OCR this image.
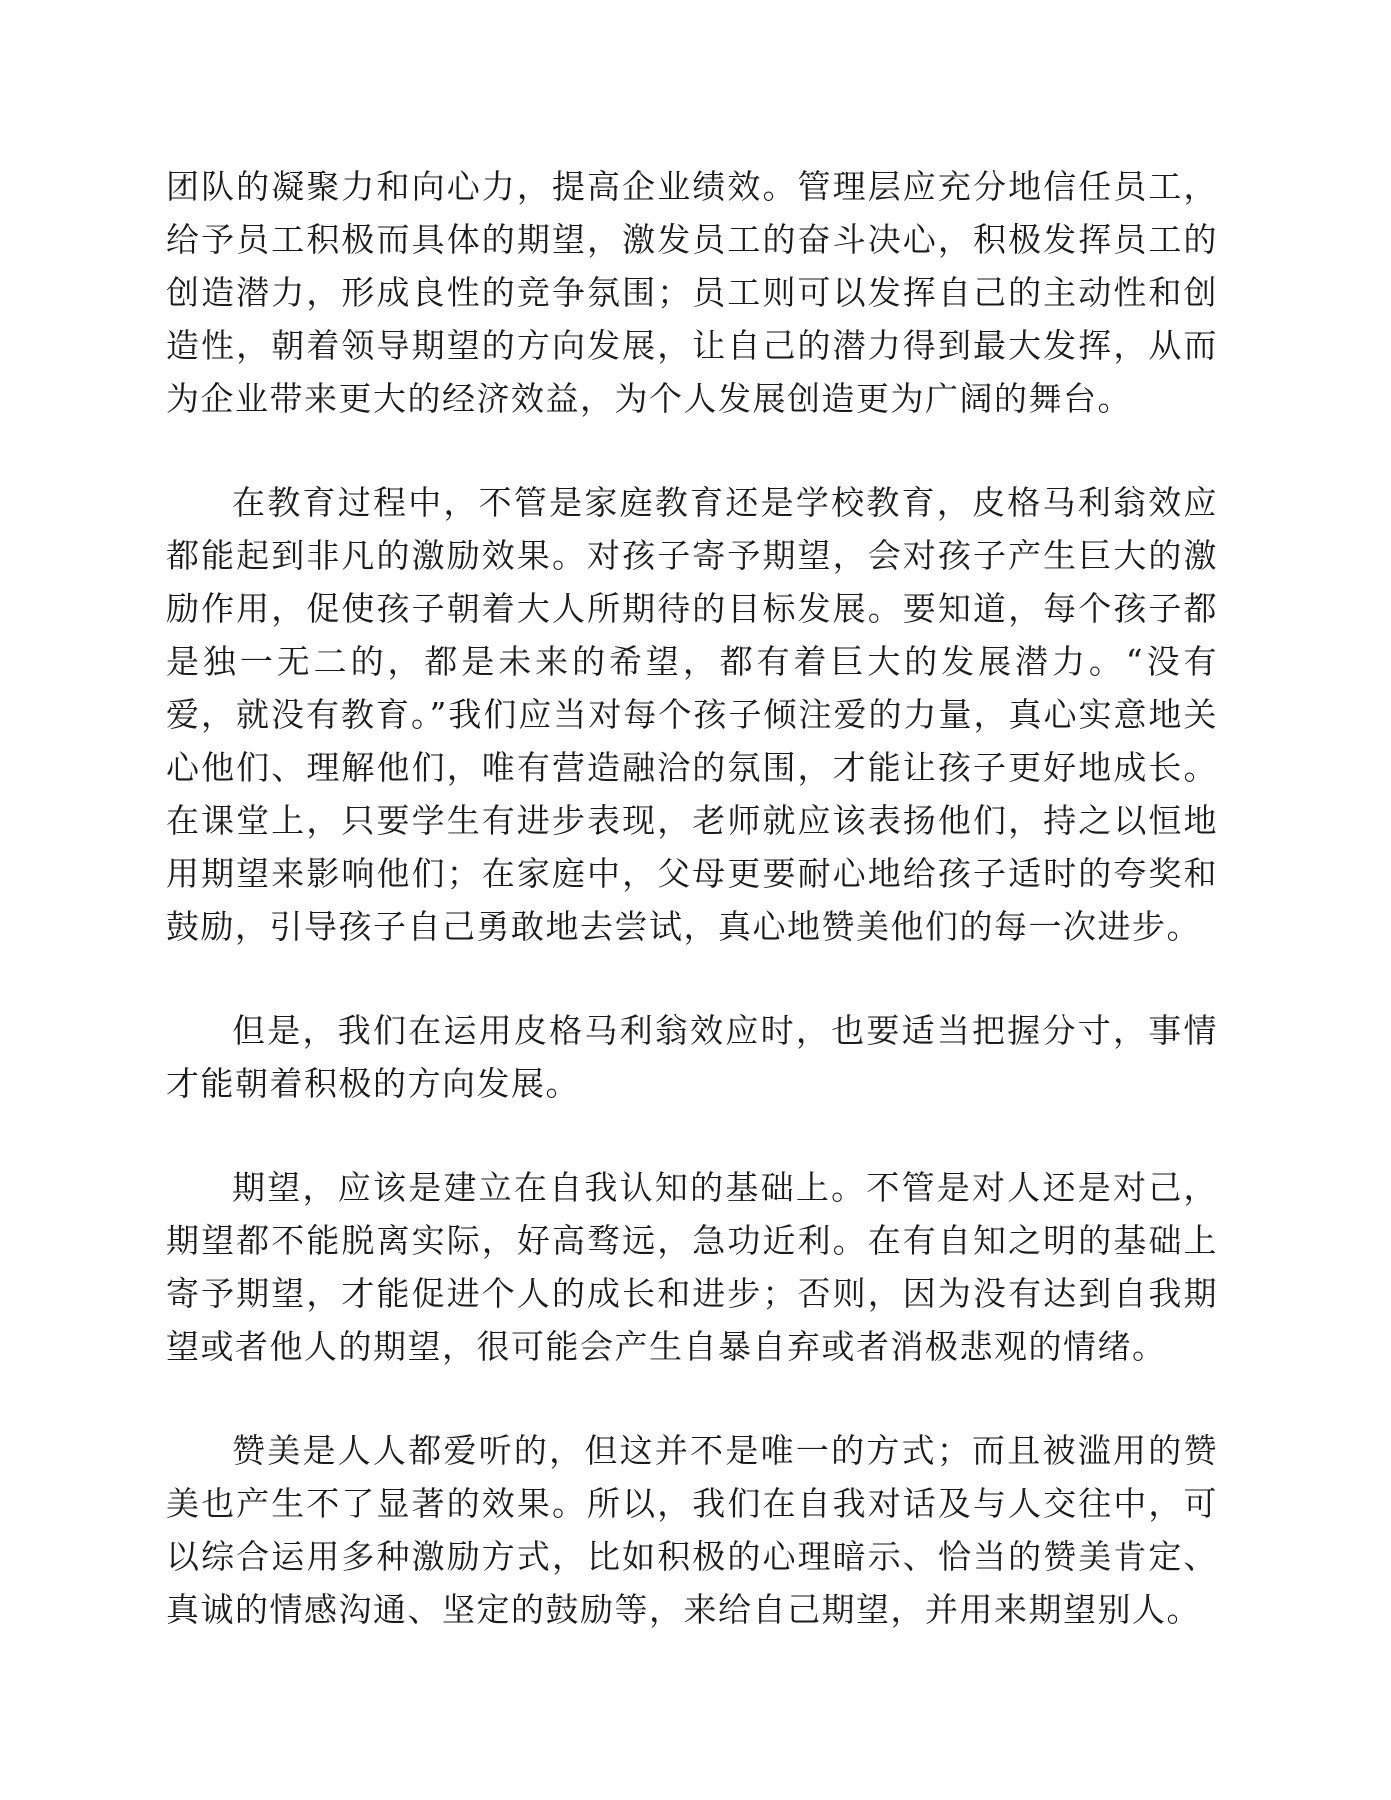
团队的凝聚力和向心力，提高企业绩效。管理层应充分地信任员工，给予员工积极而具体的期望，激发员工的奋斗决心，积极发挥员工的创造潜力，形成良性的竞争氛围；员工则可以发挥自己的主动性和创造性，朝着领导期望的方向发展，让自己的潜力得到最大发挥，从而为企业带来更大的经济效益，为个人发展创造更为广阔的舞台。

在教育过程中，不管是家庭教育还是学校教育，皮格马利翁效应都能起到非凡的激励效果。对孩子寄予期望，会对孩子产生巨大的激励作用，促使孩子朝着大人所期待的目标发展。要知道，每个孩子都是独一无二的，都是未来的希望，都有着巨大的发展潜力。“没有爱，就没有教育。”我们应当对每个孩子倾注爱的力量，真心实意地关心他们、理解他们，唯有营造融洽的氛围，才能让孩子更好地成长。在课堂上，只要学生有进步表现，老师就应该表扬他们，持之以恒地用期望来影响他们；在家庭中，父母更要耐心地给孩子适时的夸奖和鼓励，引导孩子自己勇敢地去尝试，真心地赞美他们的每一次进步。

但是，我们在运用皮格马利翁效应时，也要适当把握分寸，事情才能朝着积极的方向发展。

期望，应该是建立在自我认知的基础上。不管是对人还是对己，期望都不能脱离实际，好高骛远，急功近利。在有自知之明的基础上寄予期望，才能促进个人的成长和进步；否则，因为没有达到自我期望或者他人的期望，很可能会产生自暴自弃或者消极悲观的情绪。

赞美是人人都爱听的，但这并不是唯一的方式；而且被滥用的赞美也产生不了显著的效果。所以，我们在自我对话及与人交往中，可以综合运用多种激励方式，比如积极的心理暗示、恰当的赞美肯定、真诚的情感沟通、坚定的鼓励等，来给自己期望，并用来期望别人。
